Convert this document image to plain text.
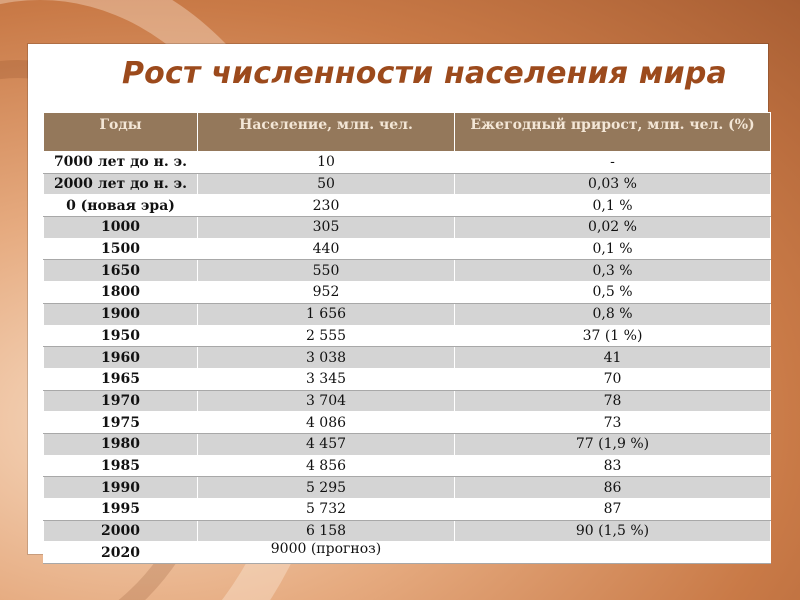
Рост численности населения мира
Годы	Население, млн. чел.	Ежегодный прирост, млн. чел. (%)
7000 лет до н. э.	10	-
2000 лет до н. э.	50	0,03 %
0 (новая эра)	230	0,1 %
1000	305	0,02 %
1500	440	0,1 %
1650	550	0,3 %
1800	952	0,5 %
1900	1 656	0,8 %
1950	2 555	37 (1 %)
1960	3 038	41
1965	3 345	70
1970	3 704	78
1975	4 086	73
1980	4 457	77 (1,9 %)
1985	4 856	83
1990	5 295	86
1995	5 732	87
2000	6 158	90 (1,5 %)
2020	9000 (прогноз)	
